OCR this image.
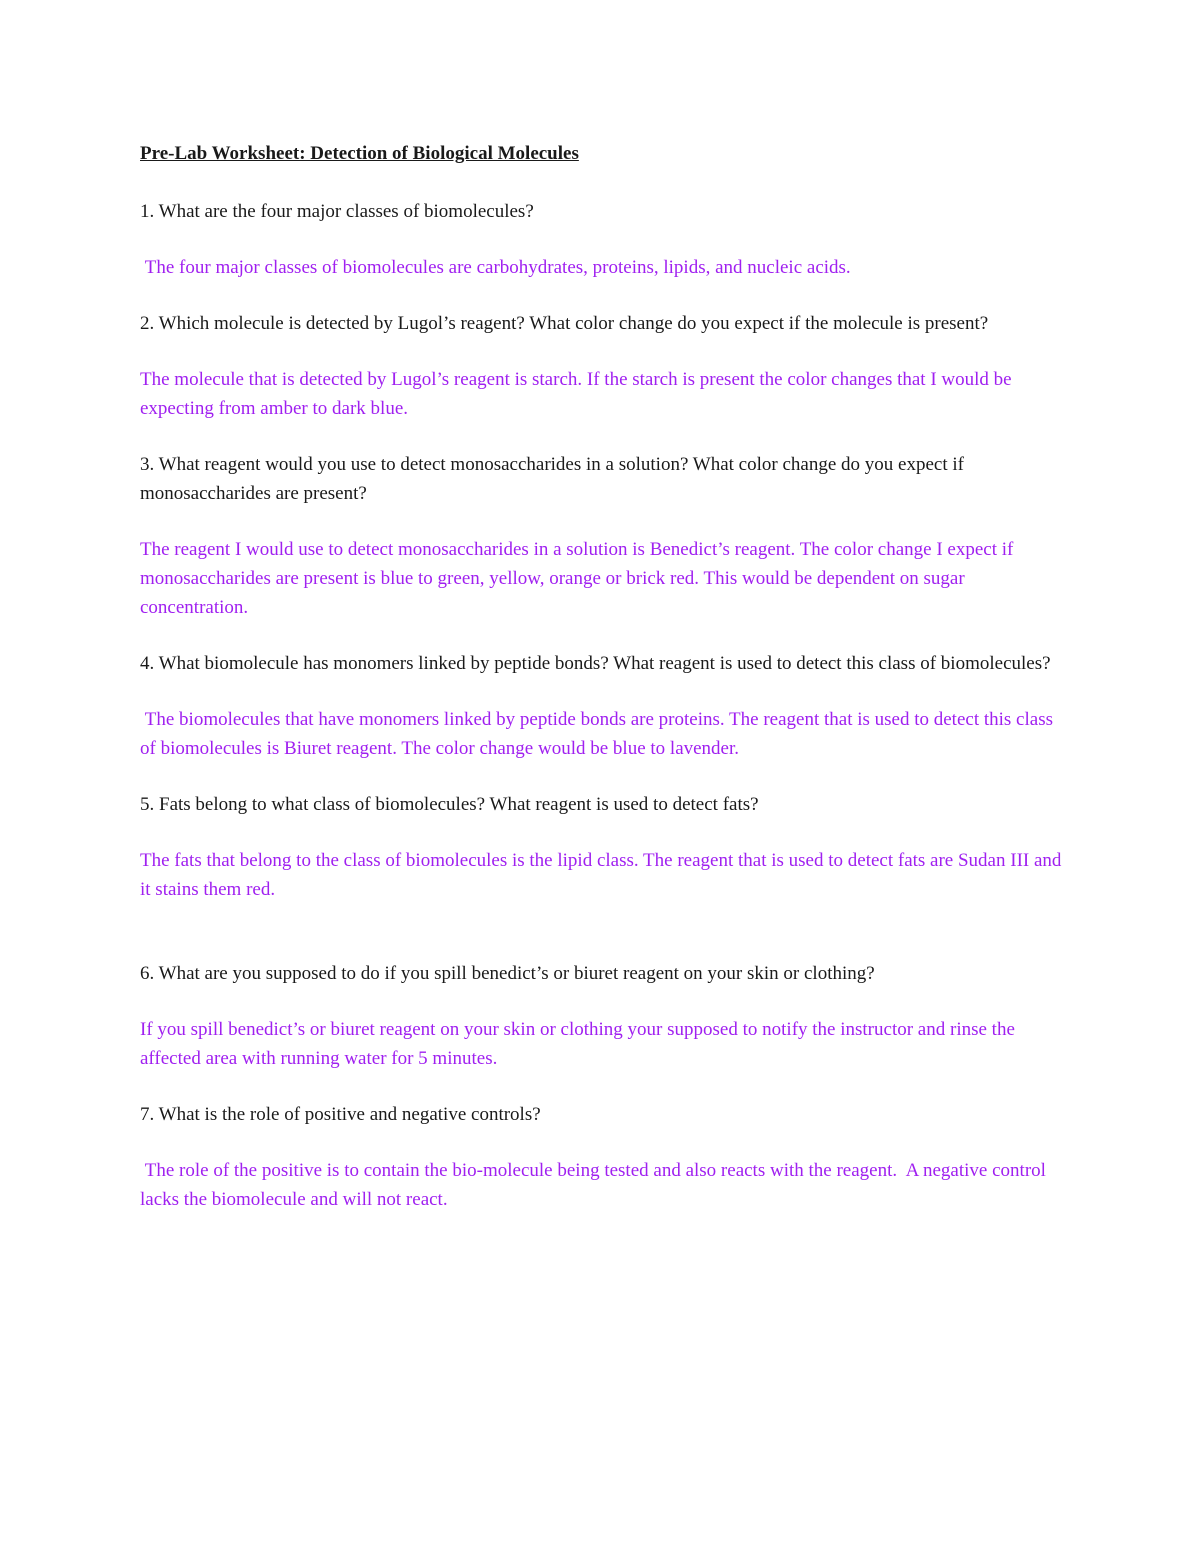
Pre-Lab Worksheet: Detection of Biological Molecules
1. What are the four major classes of biomolecules?
The four major classes of biomolecules are carbohydrates, proteins, lipids, and nucleic acids.
2. Which molecule is detected by Lugol’s reagent? What color change do you expect if the molecule is present?
The molecule that is detected by Lugol’s reagent is starch. If the starch is present the color changes that I would be expecting from amber to dark blue.
3. What reagent would you use to detect monosaccharides in a solution? What color change do you expect if monosaccharides are present?
The reagent I would use to detect monosaccharides in a solution is Benedict’s reagent. The color change I expect if monosaccharides are present is blue to green, yellow, orange or brick red. This would be dependent on sugar concentration.
4. What biomolecule has monomers linked by peptide bonds? What reagent is used to detect this class of biomolecules?
The biomolecules that have monomers linked by peptide bonds are proteins. The reagent that is used to detect this class of biomolecules is Biuret reagent. The color change would be blue to lavender.
5. Fats belong to what class of biomolecules? What reagent is used to detect fats?
The fats that belong to the class of biomolecules is the lipid class. The reagent that is used to detect fats are Sudan III and it stains them red.
6. What are you supposed to do if you spill benedict’s or biuret reagent on your skin or clothing?
If you spill benedict’s or biuret reagent on your skin or clothing your supposed to notify the instructor and rinse the affected area with running water for 5 minutes.
7. What is the role of positive and negative controls?
The role of the positive is to contain the bio-molecule being tested and also reacts with the reagent.  A negative control lacks the biomolecule and will not react.
